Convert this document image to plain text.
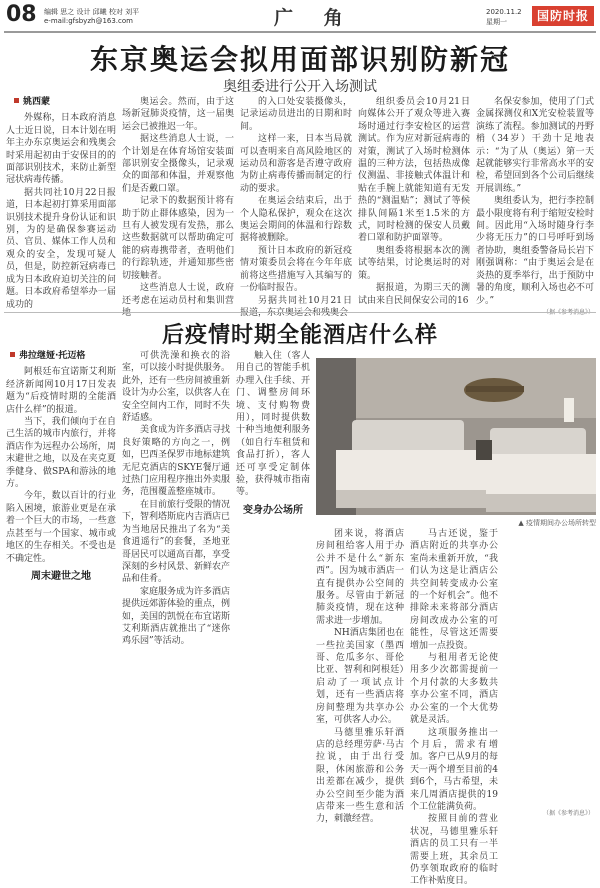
08 编辑 思之 设计 邱曦 校对 刘平
e-mail:gfsbyzh@163.com	广 角	2020.11.2
星期一	国防时报
东京奥运会拟用面部识别防新冠
奥组委进行公开入场测试
姚西蒙

外媒称，日本政府消息人士近日说，日本计划在明年主办东京奥运会和残奥会时采用起初由于安保目的的面部识别技术，来防止新型冠状病毒传播。

据共同社10月22日报道，日本起初打算采用面部识别技术提升身份认证和识别，为的是确保参赛运动员、官员、媒体工作人员和观众的安全，发现可疑人员，但是，防控新冠病毒已成为日本政府迫切关注的问题。日本政府希望举办一届成功的

奥运会。然而，由于这场新冠肺炎疫情，这一届奥运会已被推迟一年。

据这些消息人士说，一个计划是在体育场馆安装面部识别安全摄像头，记录观众的面部和体温，并观察他们是否戴口罩。

记录下的数据预计将有助于防止群体感染，因为一旦有人被发现有发热，那么这些数据就可以帮助确定可能的病毒携带者，查明他们的行踪轨迹，并通知那些密切接触者。

这些消息人士说，政府还考虑在运动员村和集训营

的入口处安装摄像头，记录运动员进出的日期和时间。

这样一来，日本当局就可以查明来自高风险地区的运动员和游客是否遵守政府为防止病毒传播而制定的行动的要求。

在奥运会结束后，出于个人隐私保护，观众在这次奥运会期间的体温和行踪数据将被删除。

预计日本政府的新冠疫情对策委员会将在今年年底前将这些措施写入其编写的一份临时报告。

另据共同社10月21日

组织委员会10月21日向媒体公开了观众等进入赛场时通过行李安检区的运营测试。作为应对新冠病毒的对策，测试了入场时检测体温的三种方法，包括热成像仪测温、非接触式体温计和贴在手腕上就能知道有无发热的“测温贴”；测试了等候排队间隔1米至1.5米的方式，同时检测的保安人员戴着口罩和防护面罩等。

奥组委将根据本次的测试等结果，讨论奥运时的对策。

据报道，为期三天的测试由来自民间保安公司的16

名保安参加，使用了门式金属探测仪和X光安检装置等演练了流程。参加测试的丹野梢（34岁）干劲十足地表示：“为了从（奥运）第一天起就能够实行非常高水平的安检，希望回到各个公司后继续开展训练。”

奥组委认为，把行李控制最小限度将有利于缩短安检时间。因此用“入场时随身行李少将无压力”的口号呼吁到场者协助，奥组委警备局长岩下刚强调称：“由于奥运会是在炎热的夏季举行，出于预防中暑的角度，顺利入场也必不可少。”

后疫情时期全能酒店什么样
弗拉继娅·托迈格

阿根廷布宜诺斯艾利斯经济新闻网10月17日发表题为“后疫情时期的全能酒店什么样”的报道。

当下，我们倾向于在自己生活的城市内旅行，并将酒店作为远程办公场所，周末避世之地，以及在夹克夏季健身、做SPA和游泳的地方。

今年，数以百计的行业陷入困境，旅游业更是在承着一个巨大的市场，一些意点甚至与一个国家、城市或地区的生存相关。不受也是不确定性。

周末避世之地

可供洗澡和换衣的浴室，可以接小时提供服务。此外，还有一些房间被重新设计为办公室，以供客人在安全空间内工作，同时不失舒适感。

美食成为许多酒店寻找良好策略的方向之一，例如，巴西圣保罗市地标建筑无尼克酒店的SKYE餐厅通过热门应用程序推出外卖服务，范围覆盖整座城市。

在目前旅行受限的情况下，智利塔斯庇内吉酒店已为当地居民推出了名为“美食逍遥行”的套餐，圣地亚哥居民可以通高百都，享受深刻的乡村风景、新鲜农产品和佳肴。

家庭服务成为许多酒店提供远郊游体验的重点，例如，美国的凯悦在布宜诺斯艾利斯酒店就推出了“迷你鸡乐园”等活动。

触入住（客人用自己的智能手机办理入住手续、开门、调整房间环境、支付购物费用），同时提供数十种当地便利服务（如自行车租赁和食品打折），客人还可享受定制体验，获得城市指南等。

变身办公场所
▲ 疫情期间办公场所转型

团来说，将酒店房间租给客人用于办公并不是什么“新东西”。因为城市酒店一直有提供办公空间的服务。尽管由于新冠肺炎疫情，现在这种需求进一步增加。

NH酒店集团也在一些拉美国家（墨西哥、危瓜多尔、哥伦比亚、智利和阿根廷）启动了一项试点计划，还有一些酒店将房间整理为共享办公室，可供客人办公。

马德里雅乐轩酒店的总经理劳萨·马古拉说，由于出行受限，休闲旅游和公务出差都在减少，提供办公空间至少能为酒店带来一些生意和活力，刺激经营。

马古还说，鉴于酒店附近的共享办公室尚未重新开放，“我们认为这是让酒店公共空间转变成办公室的一个好机会”。他不排除未来将部分酒店房间改成办公室的可能性，尽管这还需要增加一点投资。

与租用者无论使用多少次都需提前一个月付款的大多数共享办公室不同，酒店办公室的一个大优势就是灵活。

这项服务推出一个月后，需求有增加。客户已从9月的每天一两个增至目前的4到6个，马古希望，未来几周酒店提供的19个工位能满负荷。

按照目前的营业状况，马德里雅乐轩酒店的员工只有一半需要上班，其余员工仍享领取政府的临时工作补贴度日。

（据《参考消息》）
